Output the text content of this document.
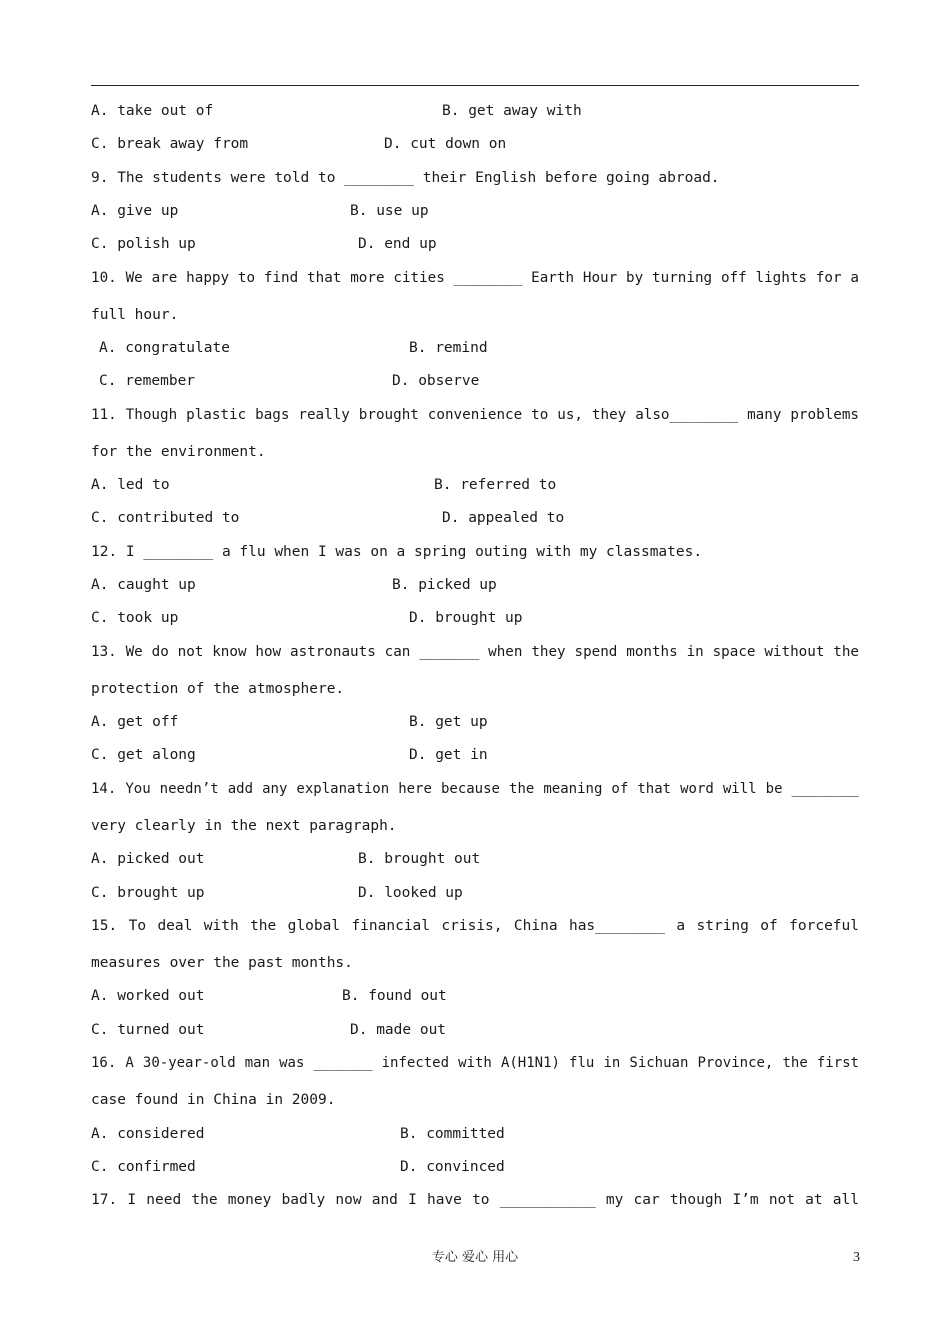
A. take out of	B. get away with
C. break away from	D. cut down on
9. The students were told to ________ their English before going abroad.
A. give up	B. use up
C. polish up	D. end up
10. We are happy to find that more cities ________ Earth Hour by turning off lights for a
full hour.
A. congratulate	B. remind
C. remember	D. observe
11. Though plastic bags really brought convenience to us, they also________ many problems
for the environment.
A. led to	B. referred to
C. contributed to	D. appealed to
12. I ________ a flu when I was on a spring outing with my classmates.
A. caught up	B. picked up
C. took up	D. brought up
13. We do not know how astronauts can _______ when they spend months in space without the
protection of the atmosphere.
A. get off	B. get up
C. get along	D. get in
14. You needn’t add any explanation here because the meaning of that word will be ________
very clearly in the next paragraph.
A. picked out	B. brought out
C. brought up	D. looked up
15. To deal with the global financial crisis, China has________ a string of forceful
measures over the past months.
A. worked out	B. found out
C. turned out	D. made out
16. A 30-year-old man was _______ infected with A(H1N1) flu in Sichuan Province, the first
case found in China in 2009.
A. considered	B. committed
C. confirmed	D. convinced
17. I need the money badly now and I have to ___________ my car though I’m not at all
专心 爱心 用心	3
